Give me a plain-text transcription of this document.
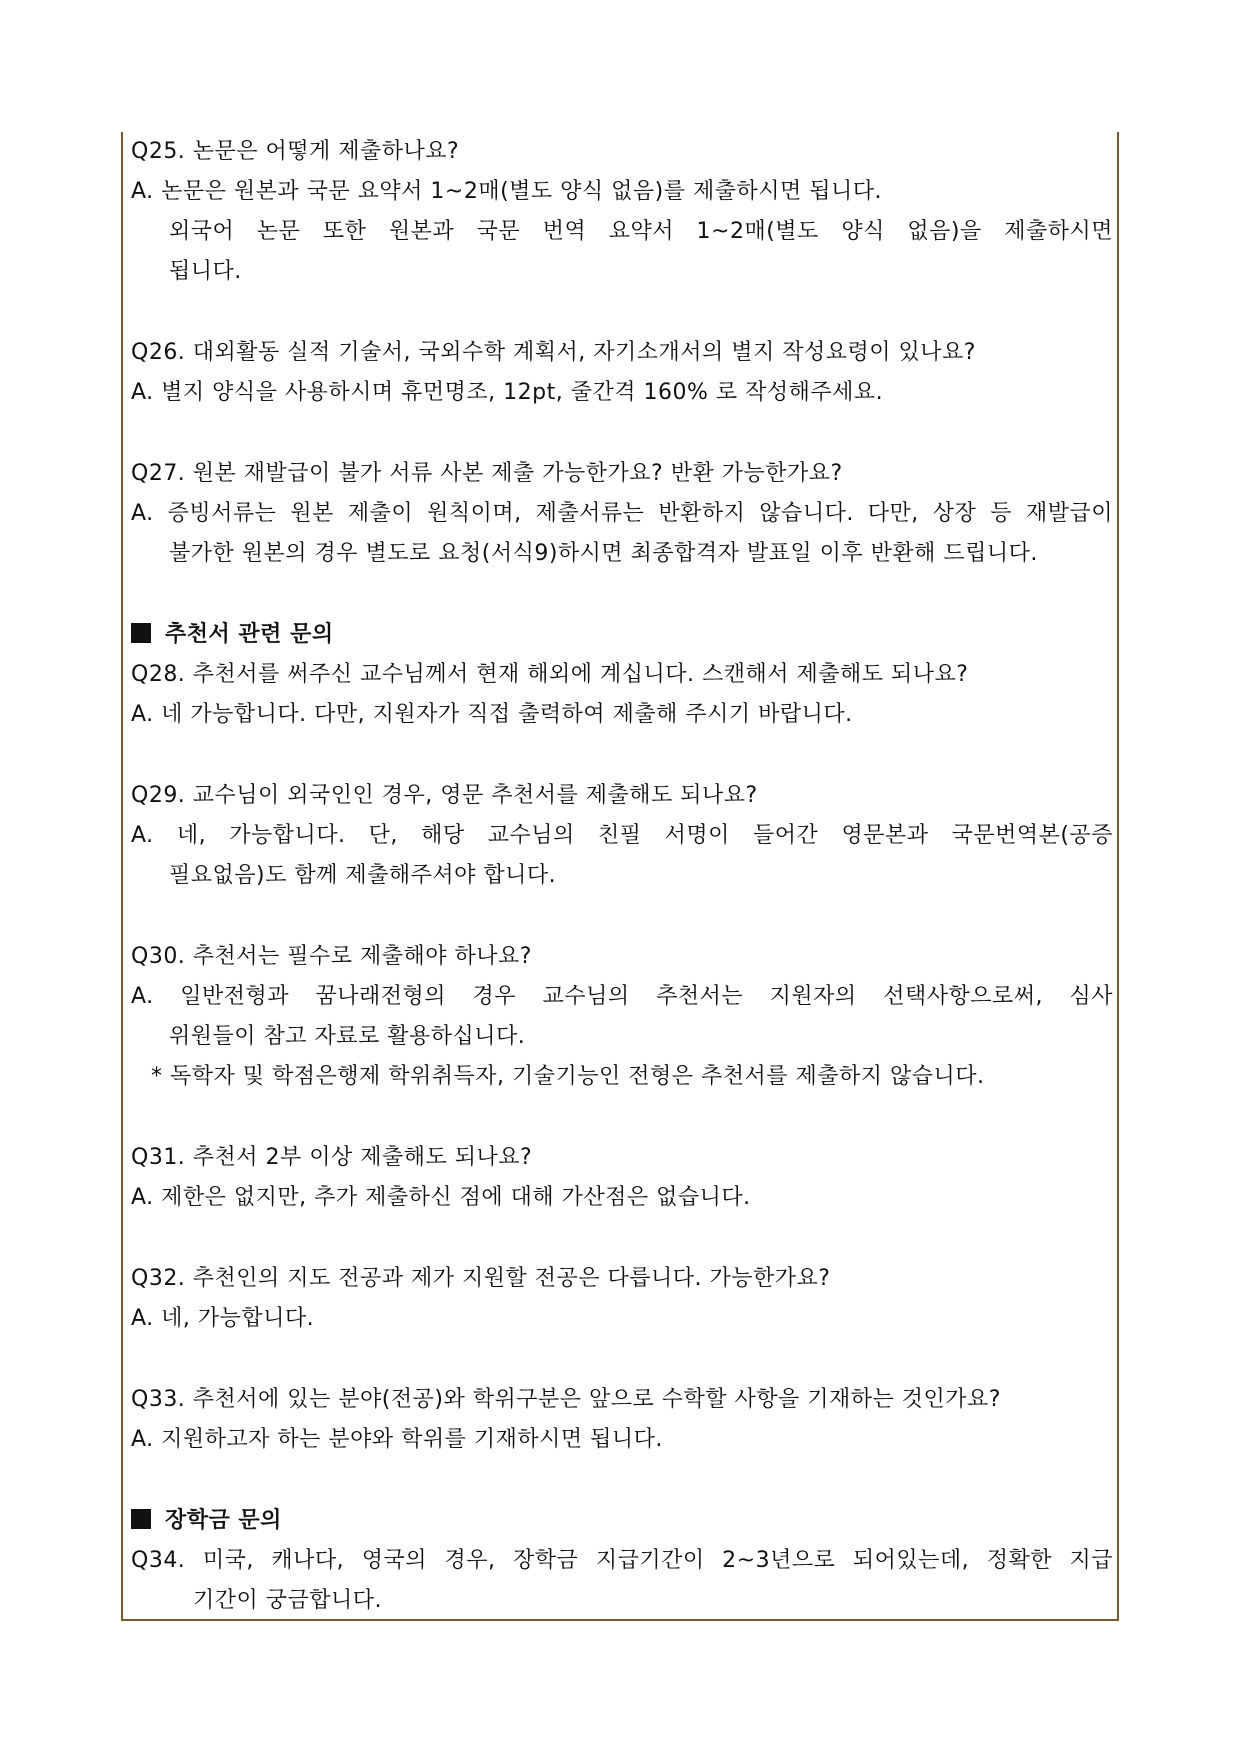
Q25. 논문은 어떻게 제출하나요?
A. 논문은 원본과 국문 요약서 1~2매(별도 양식 없음)를 제출하시면 됩니다.
외국어 논문 또한 원본과 국문 번역 요약서 1~2매(별도 양식 없음)을 제출하시면
됩니다.
Q26. 대외활동 실적 기술서, 국외수학 계획서, 자기소개서의 별지 작성요령이 있나요?
A. 별지 양식을 사용하시며 휴먼명조, 12pt, 줄간격 160% 로 작성해주세요.
Q27. 원본 재발급이 불가 서류 사본 제출 가능한가요? 반환 가능한가요?
A. 증빙서류는 원본 제출이 원칙이며, 제출서류는 반환하지 않습니다. 다만, 상장 등 재발급이
불가한 원본의 경우 별도로 요청(서식9)하시면 최종합격자 발표일 이후 반환해 드립니다.
추천서 관련 문의
Q28. 추천서를 써주신 교수님께서 현재 해외에 계십니다. 스캔해서 제출해도 되나요?
A. 네 가능합니다. 다만, 지원자가 직접 출력하여 제출해 주시기 바랍니다.
Q29. 교수님이 외국인인 경우, 영문 추천서를 제출해도 되나요?
A. 네, 가능합니다. 단, 해당 교수님의 친필 서명이 들어간 영문본과 국문번역본(공증
필요없음)도 함께 제출해주셔야 합니다.
Q30. 추천서는 필수로 제출해야 하나요?
A. 일반전형과 꿈나래전형의 경우 교수님의 추천서는 지원자의 선택사항으로써, 심사
위원들이 참고 자료로 활용하십니다.
* 독학자 및 학점은행제 학위취득자, 기술기능인 전형은 추천서를 제출하지 않습니다.
Q31. 추천서 2부 이상 제출해도 되나요?
A. 제한은 없지만, 추가 제출하신 점에 대해 가산점은 없습니다.
Q32. 추천인의 지도 전공과 제가 지원할 전공은 다릅니다. 가능한가요?
A. 네, 가능합니다.
Q33. 추천서에 있는 분야(전공)와 학위구분은 앞으로 수학할 사항을 기재하는 것인가요?
A. 지원하고자 하는 분야와 학위를 기재하시면 됩니다.
장학금 문의
Q34. 미국, 캐나다, 영국의 경우, 장학금 지급기간이 2~3년으로 되어있는데, 정확한 지급
기간이 궁금합니다.
